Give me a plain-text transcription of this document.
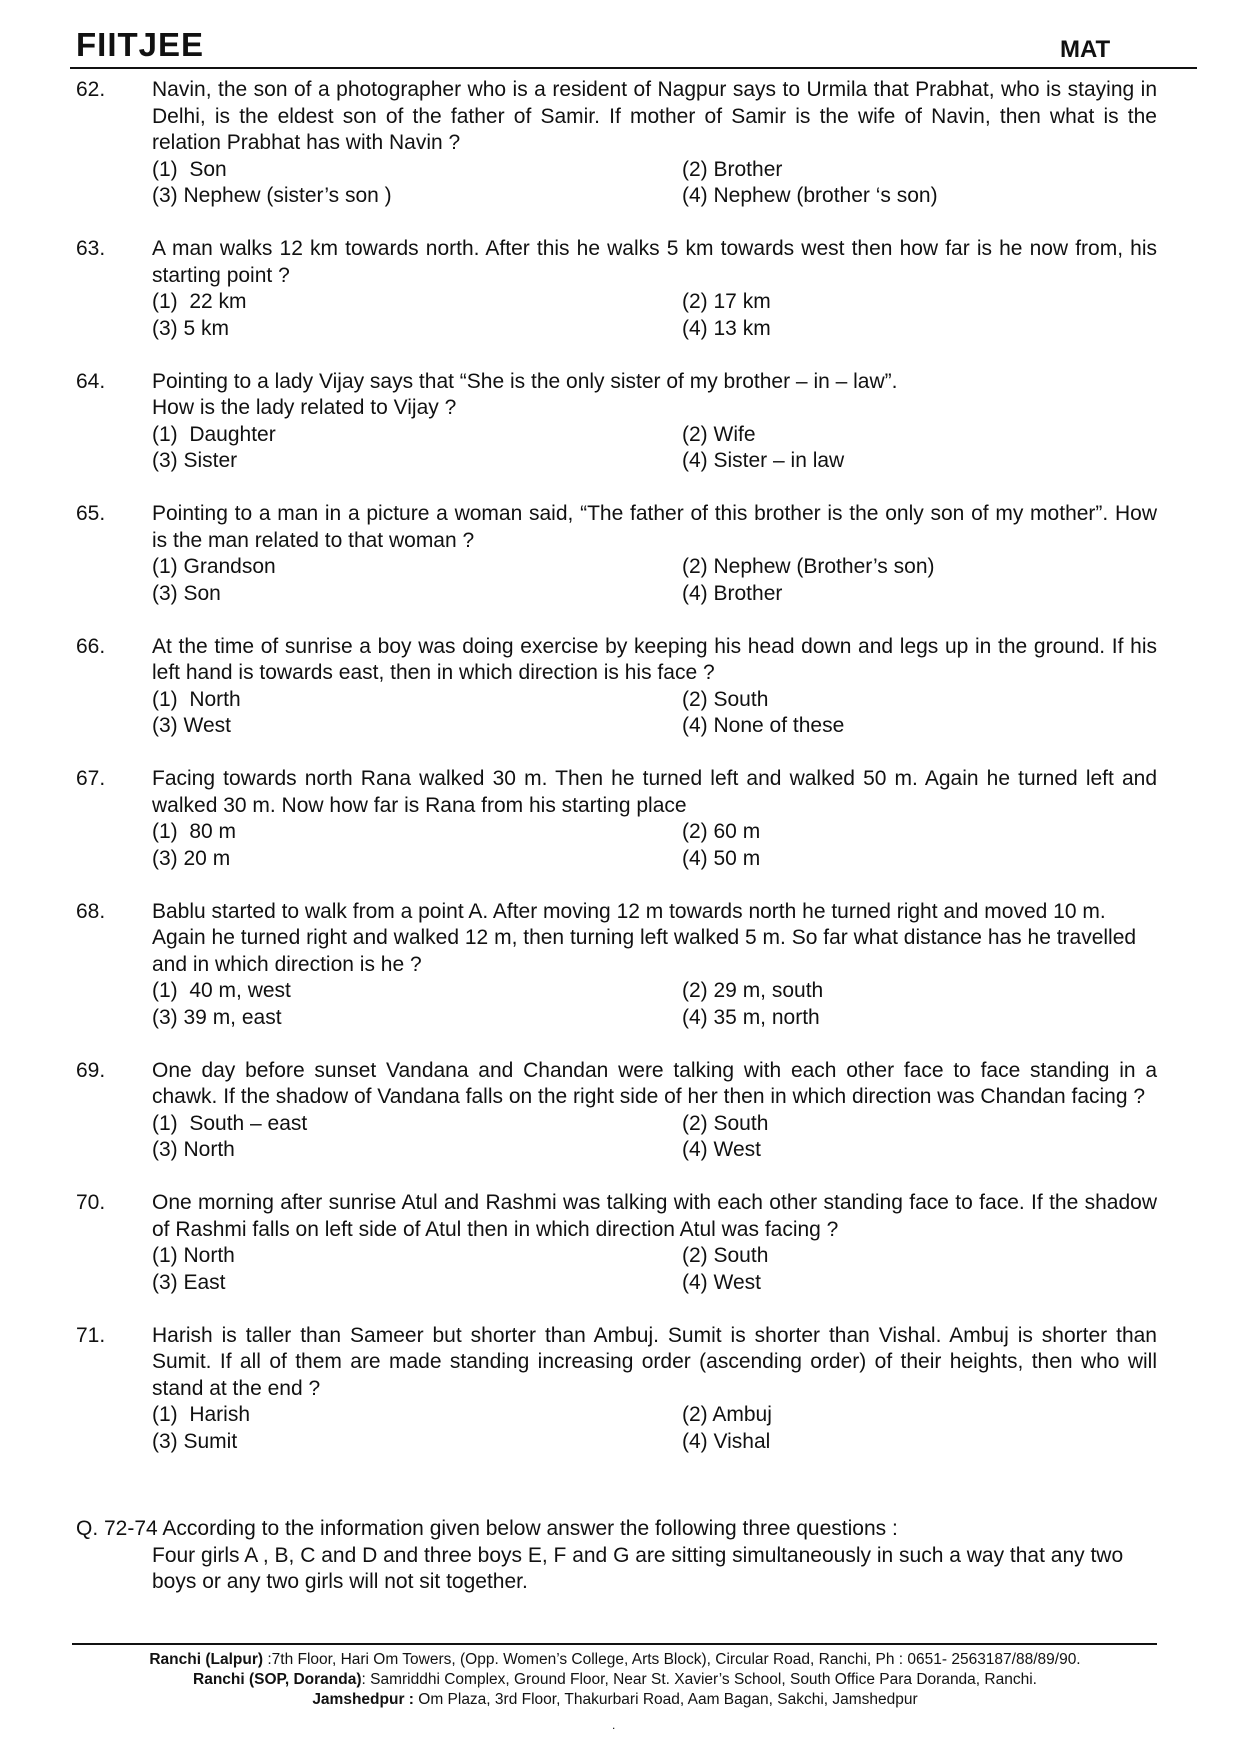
FIITJEE	MAT
62.	Navin, the son of a photographer who is a resident of Nagpur says to Urmila that Prabhat, who is staying in Delhi, is the eldest son of the father of Samir. If mother of Samir is the wife of Navin, then what is the relation Prabhat has with Navin ?
(1)  Son	(2) Brother
(3) Nephew (sister’s son )	(4) Nephew (brother ‘s son)
63.	A man walks 12 km towards north. After this he walks 5 km towards west then how far is he now from, his starting point ?
(1)  22 km	(2) 17 km
(3) 5 km	(4) 13 km
64.	Pointing to a lady Vijay says that “She is the only sister of my brother – in – law”. How is the lady related to Vijay ?
(1)  Daughter	(2) Wife
(3) Sister	(4) Sister – in law
65.	Pointing to a man in a picture a woman said, “The father of this brother is the only son of my mother”. How is the man related to that woman ?
(1) Grandson	(2) Nephew (Brother’s son)
(3) Son	(4) Brother
66.	At the time of sunrise a boy was doing exercise by keeping his head down and legs up in the ground. If his left hand is towards east, then in which direction is his face ?
(1)  North	(2) South
(3) West	(4) None of these
67.	Facing towards north Rana walked 30 m. Then he turned left and walked 50 m. Again he turned left and walked 30 m. Now how far is Rana from his starting place
(1)  80 m	(2) 60 m
(3) 20 m	(4) 50 m
68.	Bablu started to walk from a point A. After moving 12 m towards north he turned right and moved 10 m. Again he turned right and walked 12 m, then turning left walked 5 m. So far what distance has he travelled and in which direction is he ?
(1)  40 m, west	(2) 29 m, south
(3) 39 m, east	(4) 35 m, north
69.	One day before sunset Vandana and Chandan were talking with each other face to face standing in a chawk. If the shadow of Vandana falls on the right side of her then in which direction was Chandan facing ?
(1)  South – east	(2) South
(3) North	(4) West
70.	One morning after sunrise Atul and Rashmi was talking with each other standing face to face. If the shadow of Rashmi falls on left side of Atul then in which direction Atul was facing ?
(1) North	(2) South
(3) East	(4) West
71.	Harish is taller than Sameer but shorter than Ambuj. Sumit is shorter than Vishal. Ambuj is shorter than Sumit. If all of them are made standing increasing order (ascending order) of their heights, then who will stand at the end ?
(1)  Harish	(2) Ambuj
(3) Sumit	(4) Vishal

Q. 72-74 According to the information given below answer the following three questions :

Four girls A , B, C and D and three boys E, F and G are sitting simultaneously in such a way that any two boys or any two girls will not sit together.

Ranchi (Lalpur) :7th Floor, Hari Om Towers, (Opp. Women’s College, Arts Block), Circular Road, Ranchi, Ph : 0651- 2563187/88/89/90.
Ranchi (SOP, Doranda): Samriddhi Complex, Ground Floor, Near St. Xavier’s School, South Office Para Doranda, Ranchi.
Jamshedpur : Om Plaza, 3rd Floor, Thakurbari Road, Aam Bagan, Sakchi, Jamshedpur
.
